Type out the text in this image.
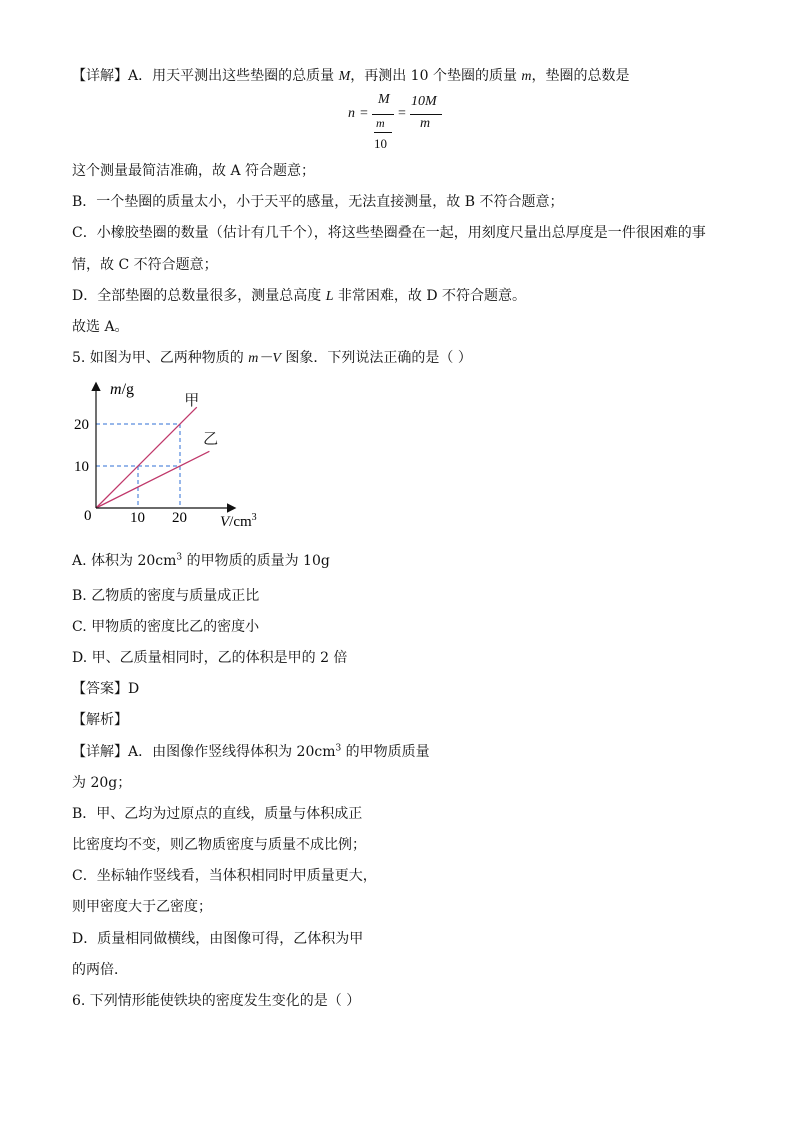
【详解】A．用天平测出这些垫圈的总质量 M，再测出 10 个垫圈的质量 m，垫圈的总数是
n =
M
m
10
=
10M
m
这个测量最简洁准确，故 A 符合题意；
B．一个垫圈的质量太小，小于天平的感量，无法直接测量，故 B 不符合题意；
C．小橡胶垫圈的数量（估计有几千个），将这些垫圈叠在一起，用刻度尺量出总厚度是一件很困难的事
情，故 C 不符合题意；
D．全部垫圈的总数量很多，测量总高度 L 非常困难，故 D 不符合题意。
故选 A。
5. 如图为甲、乙两种物质的 m－V 图象．下列说法正确的是（ ）
m/g
$V/cm^3$
0	10 20
10
20
甲
乙
A. 体积为 $20cm^3$ 的甲物质的质量为 10g
B. 乙物质的密度与质量成正比
C. 甲物质的密度比乙的密度小
D. 甲、乙质量相同时，乙的体积是甲的 2 倍
【答案】D
【解析】
【详解】A．由图像作竖线得体积为 $20cm^3$ 的甲物质质量
为 20g；
B．甲、乙均为过原点的直线，质量与体积成正
比密度均不变，则乙物质密度与质量不成比例；
C．坐标轴作竖线看，当体积相同时甲质量更大，
则甲密度大于乙密度；
D．质量相同做横线，由图像可得，乙体积为甲
的两倍．
6. 下列情形能使铁块的密度发生变化的是（ ）
